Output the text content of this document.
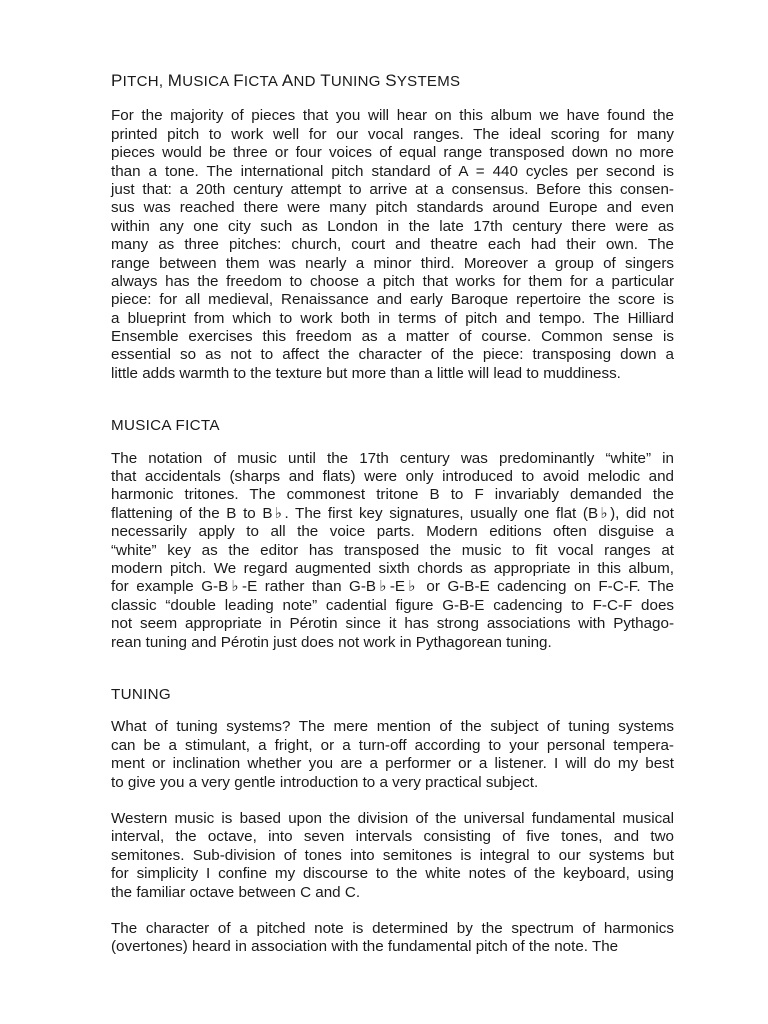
PITCH, MUSICA FICTA AND TUNING SYSTEMS
For the majority of pieces that you will hear on this album we have found the
printed pitch to work well for our vocal ranges. The ideal scoring for many
pieces would be three or four voices of equal range transposed down no more
than a tone. The international pitch standard of A = 440 cycles per second is
just that: a 20th century attempt to arrive at a consensus. Before this consen-
sus was reached there were many pitch standards around Europe and even
within any one city such as London in the late 17th century there were as
many as three pitches: church, court and theatre each had their own. The
range between them was nearly a minor third. Moreover a group of singers
always has the freedom to choose a pitch that works for them for a particular
piece: for all medieval, Renaissance and early Baroque repertoire the score is
a blueprint from which to work both in terms of pitch and tempo. The Hilliard
Ensemble exercises this freedom as a matter of course. Common sense is
essential so as not to affect the character of the piece: transposing down a
little adds warmth to the texture but more than a little will lead to muddiness.
MUSICA FICTA
The notation of music until the 17th century was predominantly “white” in
that accidentals (sharps and flats) were only introduced to avoid melodic and
harmonic tritones. The commonest tritone B to F invariably demanded the
flattening of the B to B♭. The first key signatures, usually one flat (B♭), did not
necessarily apply to all the voice parts. Modern editions often disguise a
“white” key as the editor has transposed the music to fit vocal ranges at
modern pitch. We regard augmented sixth chords as appropriate in this album,
for example G-B♭-E rather than G-B♭-E♭ or G-B-E cadencing on F-C-F. The
classic “double leading note” cadential figure G-B-E cadencing to F-C-F does
not seem appropriate in Pérotin since it has strong associations with Pythago-
rean tuning and Pérotin just does not work in Pythagorean tuning.
TUNING
What of tuning systems? The mere mention of the subject of tuning systems
can be a stimulant, a fright, or a turn-off according to your personal tempera-
ment or inclination whether you are a performer or a listener. I will do my best
to give you a very gentle introduction to a very practical subject.
Western music is based upon the division of the universal fundamental musical
interval, the octave, into seven intervals consisting of five tones, and two
semitones. Sub-division of tones into semitones is integral to our systems but
for simplicity I confine my discourse to the white notes of the keyboard, using
the familiar octave between C and C.
The character of a pitched note is determined by the spectrum of harmonics
(overtones) heard in association with the fundamental pitch of the note. The
